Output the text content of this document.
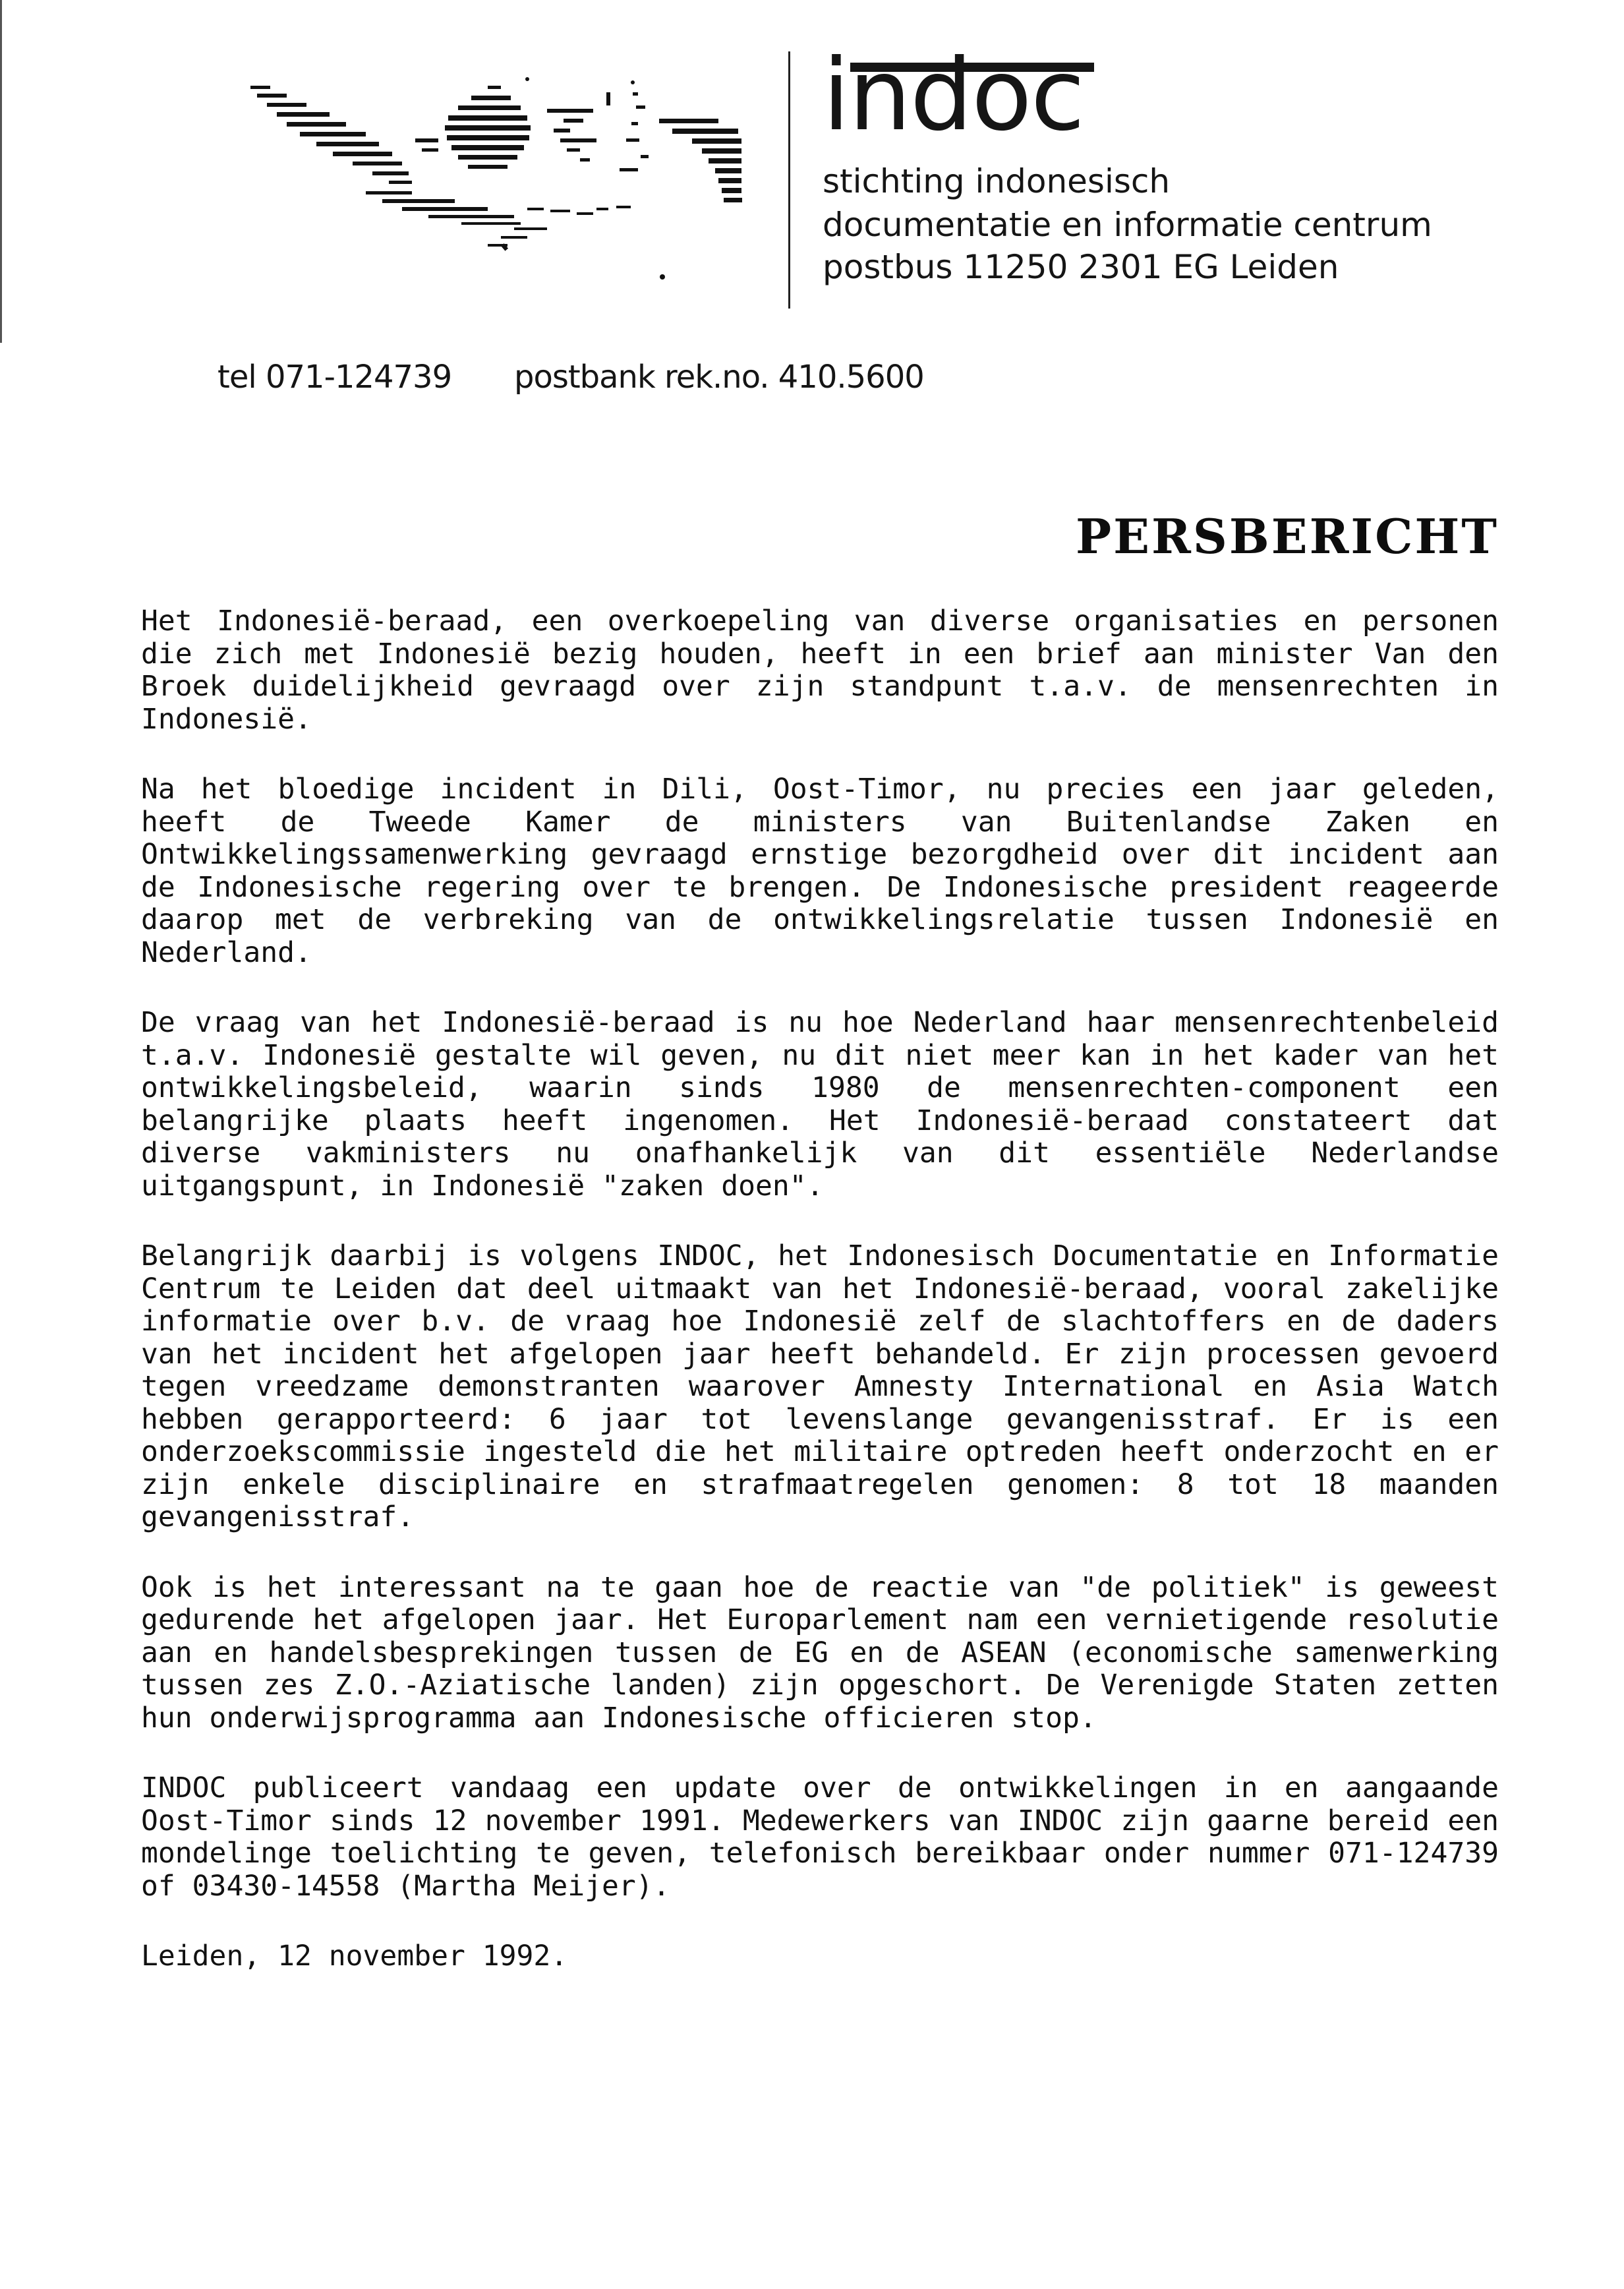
indoc
stichting indonesisch
documentatie en informatie centrum
postbus 11250 2301 EG Leiden
tel 071-124739 postbank rek.no. 410.5600
PERSBERICHT

Het Indonesië-beraad, een overkoepeling van diverse organisaties en personen die zich met Indonesië bezig houden, heeft in een brief aan minister Van den Broek duidelijkheid gevraagd over zijn standpunt t.a.v. de mensenrechten in Indonesië.

Na het bloedige incident in Dili, Oost-Timor, nu precies een jaar geleden, heeft de Tweede Kamer de ministers van Buitenlandse Zaken en Ontwikkelingssamenwerking gevraagd ernstige bezorgdheid over dit incident aan de Indonesische regering over te brengen. De Indonesische president reageerde daarop met de verbreking van de ontwikkelingsrelatie tussen Indonesië en Nederland.

De vraag van het Indonesië-beraad is nu hoe Nederland haar mensenrechtenbeleid t.a.v. Indonesië gestalte wil geven, nu dit niet meer kan in het kader van het ontwikkelingsbeleid, waarin sinds 1980 de mensenrechten-component een belangrijke plaats heeft ingenomen. Het Indonesië-beraad constateert dat diverse vakministers nu onafhankelijk van dit essentiële Nederlandse uitgangspunt, in Indonesië "zaken doen".

Belangrijk daarbij is volgens INDOC, het Indonesisch Documentatie en Informatie Centrum te Leiden dat deel uitmaakt van het Indonesië-beraad, vooral zakelijke informatie over b.v. de vraag hoe Indonesië zelf de slachtoffers en de daders van het incident het afgelopen jaar heeft behandeld. Er zijn processen gevoerd tegen vreedzame demonstranten waarover Amnesty International en Asia Watch hebben gerapporteerd: 6 jaar tot levenslange gevangenisstraf. Er is een onderzoekscommissie ingesteld die het militaire optreden heeft onderzocht en er zijn enkele disciplinaire en strafmaatregelen genomen: 8 tot 18 maanden gevangenisstraf.

Ook is het interessant na te gaan hoe de reactie van "de politiek" is geweest gedurende het afgelopen jaar. Het Europarlement nam een vernietigende resolutie aan en handelsbesprekingen tussen de EG en de ASEAN (economische samenwerking tussen zes Z.O.-Aziatische landen) zijn opgeschort. De Verenigde Staten zetten hun onderwijsprogramma aan Indonesische officieren stop.

INDOC publiceert vandaag een update over de ontwikkelingen in en aangaande Oost-Timor sinds 12 november 1991. Medewerkers van INDOC zijn gaarne bereid een mondelinge toelichting te geven, telefonisch bereikbaar onder nummer 071-124739 of 03430-14558 (Martha Meijer).

Leiden, 12 november 1992.
